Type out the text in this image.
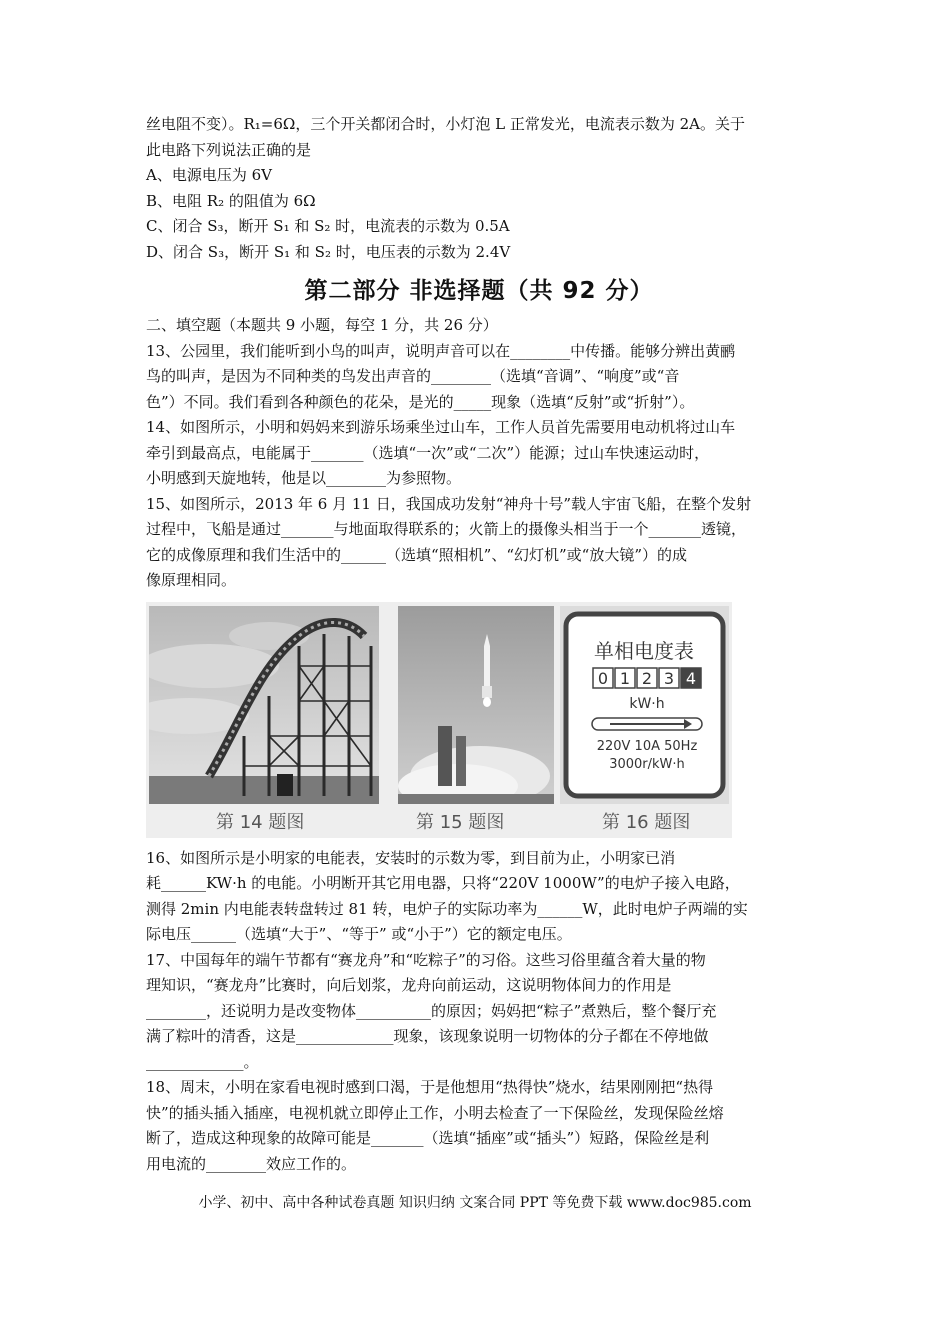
丝电阻不变）。R₁=6Ω，三个开关都闭合时，小灯泡 L 正常发光，电流表示数为 2A。关于
此电路下列说法正确的是
A、电源电压为 6V
B、电阻 R₂ 的阻值为 6Ω
C、闭合 S₃，断开 S₁ 和 S₂ 时，电流表的示数为 0.5A
D、闭合 S₃，断开 S₁ 和 S₂ 时，电压表的示数为 2.4V
第二部分 非选择题（共 92 分）
二、填空题（本题共 9 小题，每空 1 分，共 26 分）
13、公园里，我们能听到小鸟的叫声，说明声音可以在________中传播。能够分辨出黄鹂
鸟的叫声，是因为不同种类的鸟发出声音的________（选填“音调”、“响度”或“音
色”）不同。我们看到各种颜色的花朵，是光的_____现象（选填“反射”或“折射”）。
14、如图所示，小明和妈妈来到游乐场乘坐过山车，工作人员首先需要用电动机将过山车
牵引到最高点，电能属于_______（选填“一次”或“二次”）能源；过山车快速运动时，
小明感到天旋地转，他是以________为参照物。
15、如图所示，2013 年 6 月 11 日，我国成功发射“神舟十号”载人宇宙飞船，在整个发射
过程中，飞船是通过_______与地面取得联系的；火箭上的摄像头相当于一个_______透镜，
它的成像原理和我们生活中的______（选填“照相机”、“幻灯机”或“放大镜”）的成
像原理相同。
单相电度表
0 1 2 3 4
kW·h
220V 10A 50Hz
3000r/kW·h
第 14 题图	第 15 题图	第 16 题图
16、如图所示是小明家的电能表，安装时的示数为零，到目前为止，小明家已消
耗______KW·h 的电能。小明断开其它用电器，只将“220V 1000W”的电炉子接入电路，
测得 2min 内电能表转盘转过 81 转，电炉子的实际功率为______W，此时电炉子两端的实
际电压______（选填“大于”、“等于” 或“小于”）它的额定电压。
17、中国每年的端午节都有“赛龙舟”和“吃粽子”的习俗。这些习俗里蕴含着大量的物
理知识，“赛龙舟”比赛时，向后划浆，龙舟向前运动，这说明物体间力的作用是
________，还说明力是改变物体__________的原因；妈妈把“粽子”煮熟后，整个餐厅充
满了粽叶的清香，这是_____________现象，该现象说明一切物体的分子都在不停地做
_____________。
18、周末，小明在家看电视时感到口渴，于是他想用“热得快”烧水，结果刚刚把“热得
快”的插头插入插座，电视机就立即停止工作，小明去检查了一下保险丝，发现保险丝熔
断了，造成这种现象的故障可能是_______（选填“插座”或“插头”）短路，保险丝是利
用电流的________效应工作的。
小学、初中、高中各种试卷真题 知识归纳 文案合同 PPT 等免费下载 www.doc985.com
